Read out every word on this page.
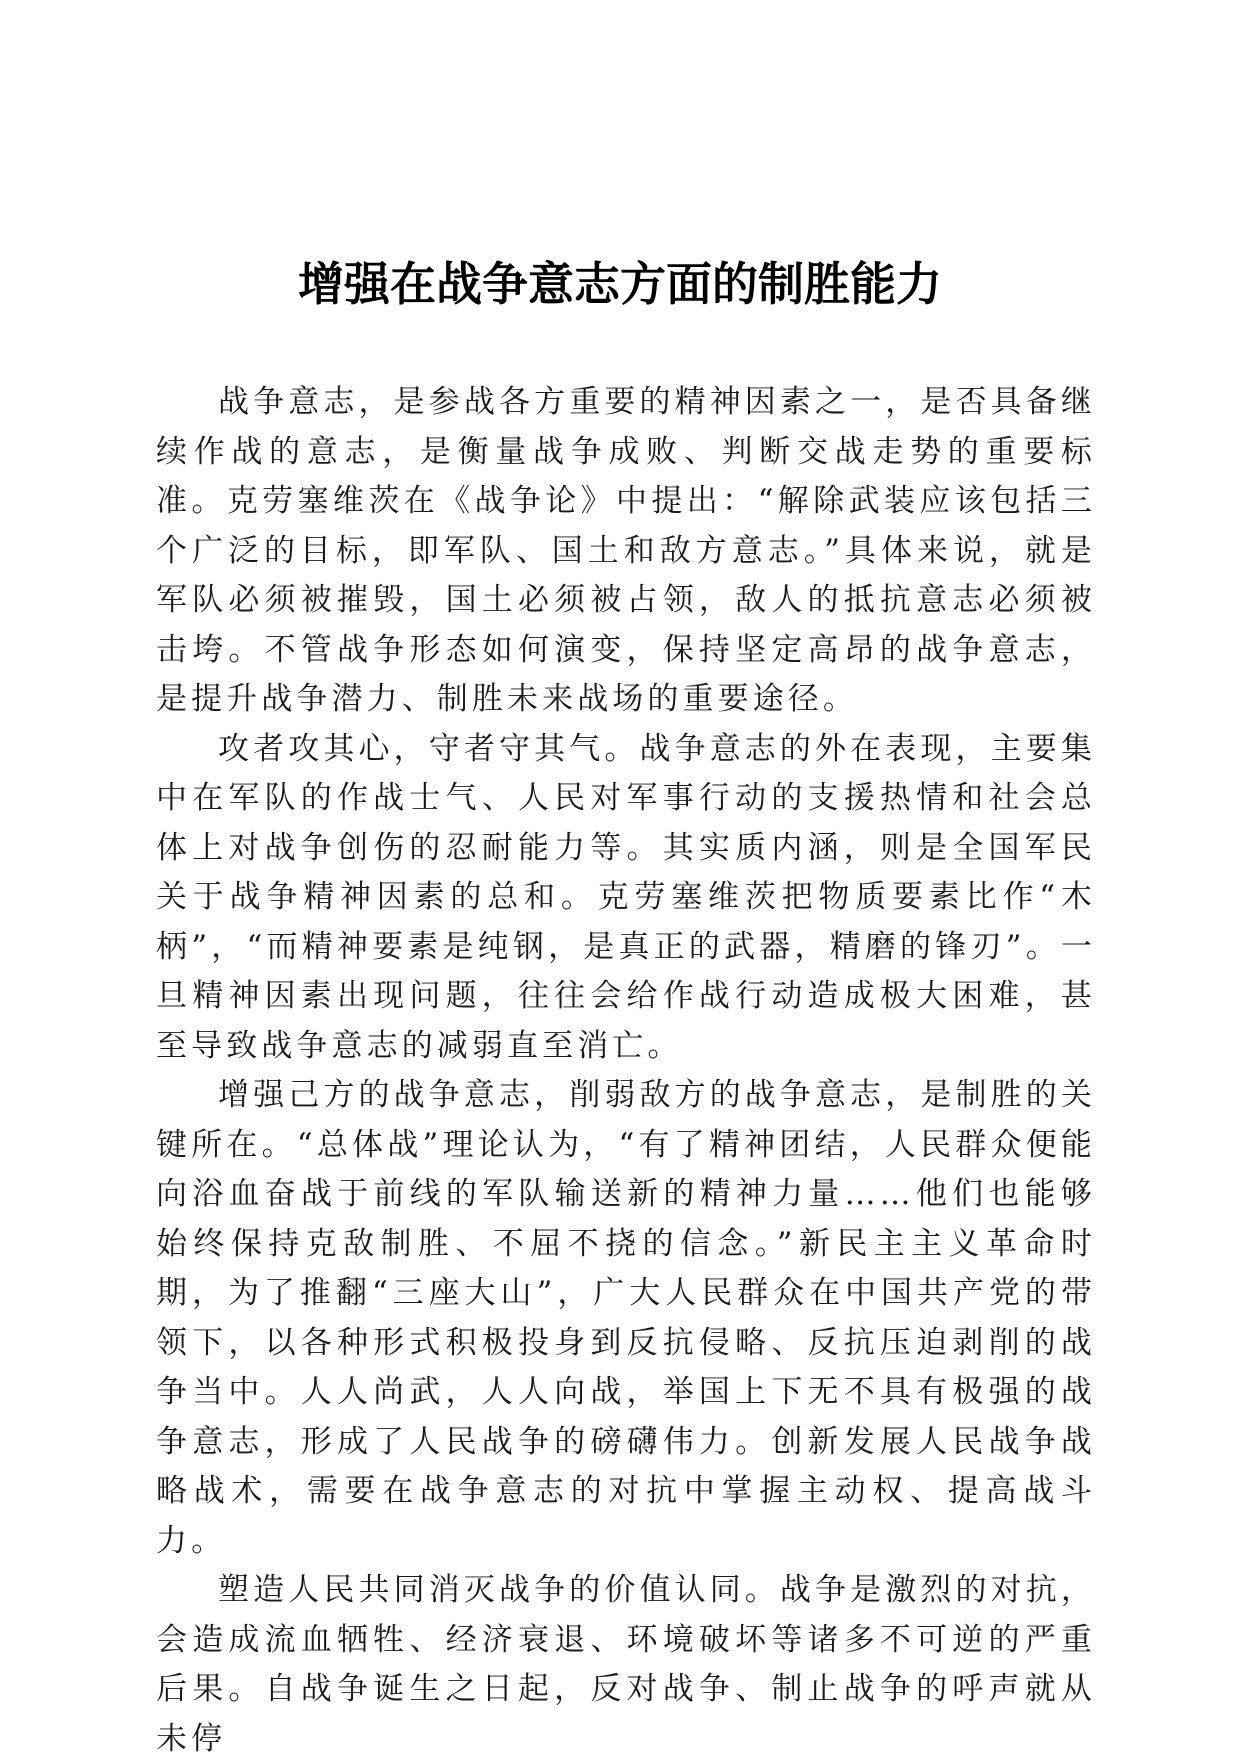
增强在战争意志方面的制胜能力

战争意志，是参战各方重要的精神因素之一，是否具备继续作战的意志，是衡量战争成败、判断交战走势的重要标准。克劳塞维茨在《战争论》中提出：“解除武装应该包括三个广泛的目标，即军队、国土和敌方意志。”具体来说，就是军队必须被摧毁，国土必须被占领，敌人的抵抗意志必须被击垮。不管战争形态如何演变，保持坚定高昂的战争意志，是提升战争潜力、制胜未来战场的重要途径。

攻者攻其心，守者守其气。战争意志的外在表现，主要集中在军队的作战士气、人民对军事行动的支援热情和社会总体上对战争创伤的忍耐能力等。其实质内涵，则是全国军民关于战争精神因素的总和。克劳塞维茨把物质要素比作“木柄”，“而精神要素是纯钢，是真正的武器，精磨的锋刃”。一旦精神因素出现问题，往往会给作战行动造成极大困难，甚至导致战争意志的减弱直至消亡。

增强己方的战争意志，削弱敌方的战争意志，是制胜的关键所在。“总体战”理论认为，“有了精神团结，人民群众便能向浴血奋战于前线的军队输送新的精神力量……他们也能够始终保持克敌制胜、不屈不挠的信念。”新民主主义革命时期，为了推翻“三座大山”，广大人民群众在中国共产党的带领下，以各种形式积极投身到反抗侵略、反抗压迫剥削的战争当中。人人尚武，人人向战，举国上下无不具有极强的战争意志，形成了人民战争的磅礴伟力。创新发展人民战争战略战术，需要在战争意志的对抗中掌握主动权、提高战斗力。

塑造人民共同消灭战争的价值认同。战争是激烈的对抗，会造成流血牺牲、经济衰退、环境破坏等诸多不可逆的严重后果。自战争诞生之日起，反对战争、制止战争的呼声就从未停
